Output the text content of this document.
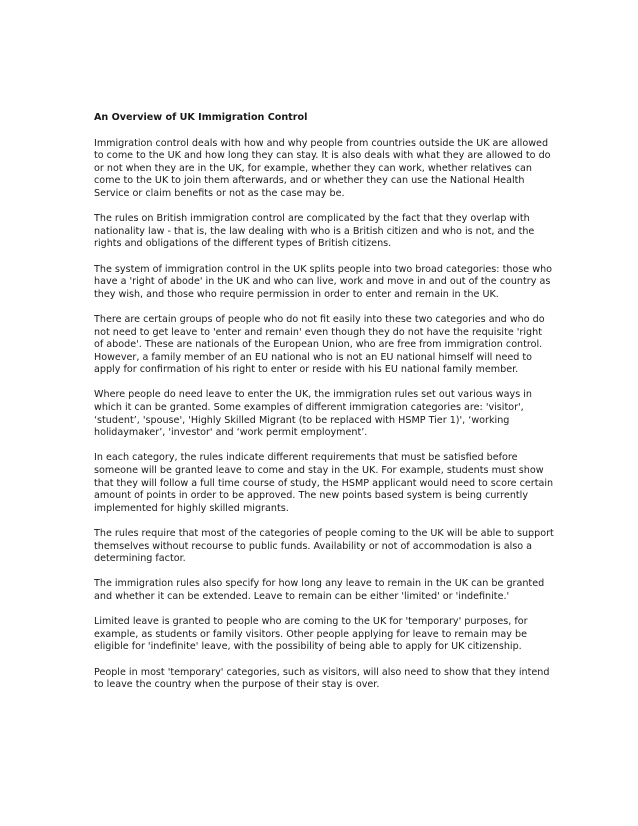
An Overview of UK Immigration Control

Immigration control deals with how and why people from countries outside the UK are allowed to come to the UK and how long they can stay. It is also deals with what they are allowed to do or not when they are in the UK, for example, whether they can work, whether relatives can come to the UK to join them afterwards, and or whether they can use the National Health Service or claim benefits or not as the case may be.

The rules on British immigration control are complicated by the fact that they overlap with nationality law - that is, the law dealing with who is a British citizen and who is not, and the rights and obligations of the different types of British citizens.

The system of immigration control in the UK splits people into two broad categories: those who have a 'right of abode' in the UK and who can live, work and move in and out of the country as they wish, and those who require permission in order to enter and remain in the UK.

There are certain groups of people who do not fit easily into these two categories and who do not need to get leave to 'enter and remain' even though they do not have the requisite 'right of abode'. These are nationals of the European Union, who are free from immigration control. However, a family member of an EU national who is not an EU national himself will need to apply for confirmation of his right to enter or reside with his EU national family member.

Where people do need leave to enter the UK, the immigration rules set out various ways in which it can be granted. Some examples of different immigration categories are: 'visitor', ‘student’, 'spouse', 'Highly Skilled Migrant (to be replaced with HSMP Tier 1)', ‘working holidaymaker’, 'investor' and ‘work permit employment’.

In each category, the rules indicate different requirements that must be satisfied before someone will be granted leave to come and stay in the UK. For example, students must show that they will follow a full time course of study, the HSMP applicant would need to score certain amount of points in order to be approved. The new points based system is being currently implemented for highly skilled migrants.

The rules require that most of the categories of people coming to the UK will be able to support themselves without recourse to public funds. Availability or not of accommodation is also a determining factor.

The immigration rules also specify for how long any leave to remain in the UK can be granted and whether it can be extended. Leave to remain can be either 'limited' or 'indefinite.'

Limited leave is granted to people who are coming to the UK for 'temporary' purposes, for example, as students or family visitors. Other people applying for leave to remain may be eligible for 'indefinite' leave, with the possibility of being able to apply for UK citizenship.

People in most 'temporary' categories, such as visitors, will also need to show that they intend to leave the country when the purpose of their stay is over.
